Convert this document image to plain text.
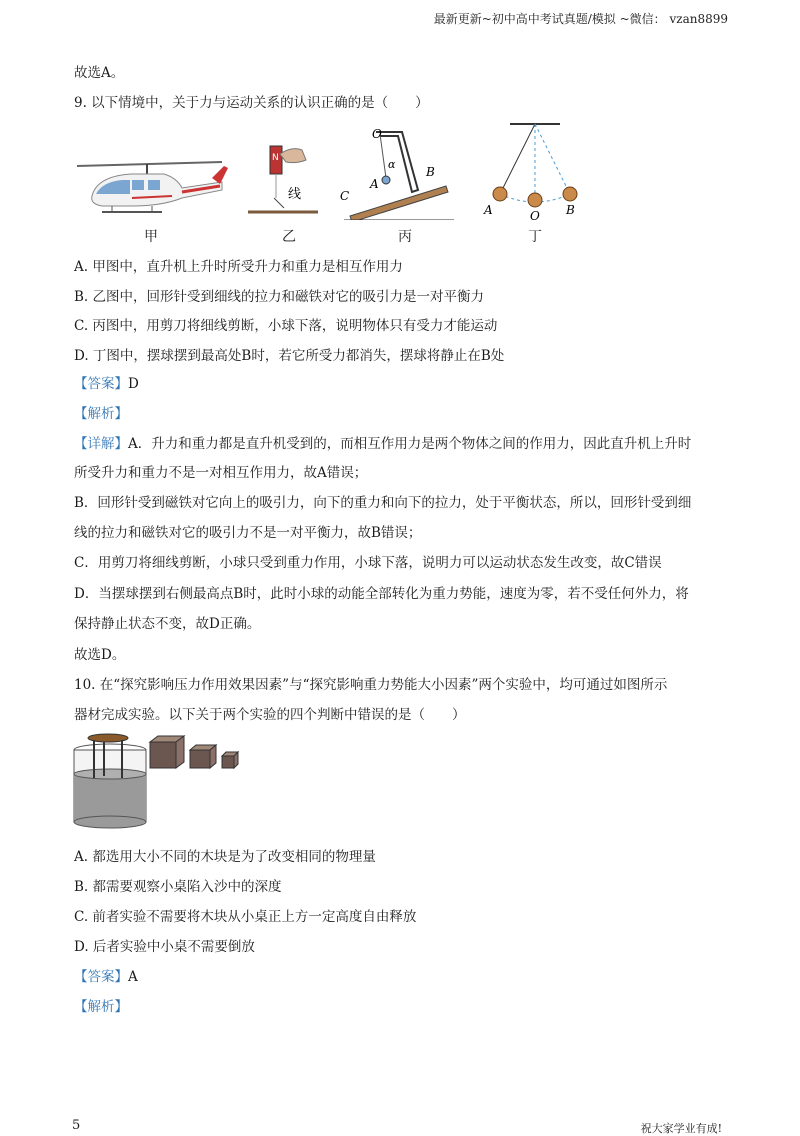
最新更新~初中高中考试真题/模拟 ~微信： vzan8899
故选A。
9. 以下情境中，关于力与运动关系的认识正确的是（　　）
N
线
O
α
A
B
C
A	O B
甲	乙	丙	丁
A. 甲图中，直升机上升时所受升力和重力是相互作用力
B. 乙图中，回形针受到细线的拉力和磁铁对它的吸引力是一对平衡力
C. 丙图中，用剪刀将细线剪断，小球下落，说明物体只有受力才能运动
D. 丁图中，摆球摆到最高处B时，若它所受力都消失，摆球将静止在B处
【答案】D
【解析】
【详解】A．升力和重力都是直升机受到的，而相互作用力是两个物体之间的作用力，因此直升机上升时
所受升力和重力不是一对相互作用力，故A错误；
B．回形针受到磁铁对它向上的吸引力，向下的重力和向下的拉力，处于平衡状态，所以，回形针受到细
线的拉力和磁铁对它的吸引力不是一对平衡力，故B错误；
C．用剪刀将细线剪断，小球只受到重力作用，小球下落，说明力可以运动状态发生改变，故C错误
D．当摆球摆到右侧最高点B时，此时小球的动能全部转化为重力势能，速度为零，若不受任何外力，将
保持静止状态不变，故D正确。
故选D。
10. 在“探究影响压力作用效果因素”与“探究影响重力势能大小因素”两个实验中，均可通过如图所示
器材完成实验。以下关于两个实验的四个判断中错误的是（　　）
A. 都选用大小不同的木块是为了改变相同的物理量
B. 都需要观察小桌陷入沙中的深度
C. 前者实验不需要将木块从小桌正上方一定高度自由释放
D. 后者实验中小桌不需要倒放
【答案】A
【解析】
5	祝大家学业有成!
